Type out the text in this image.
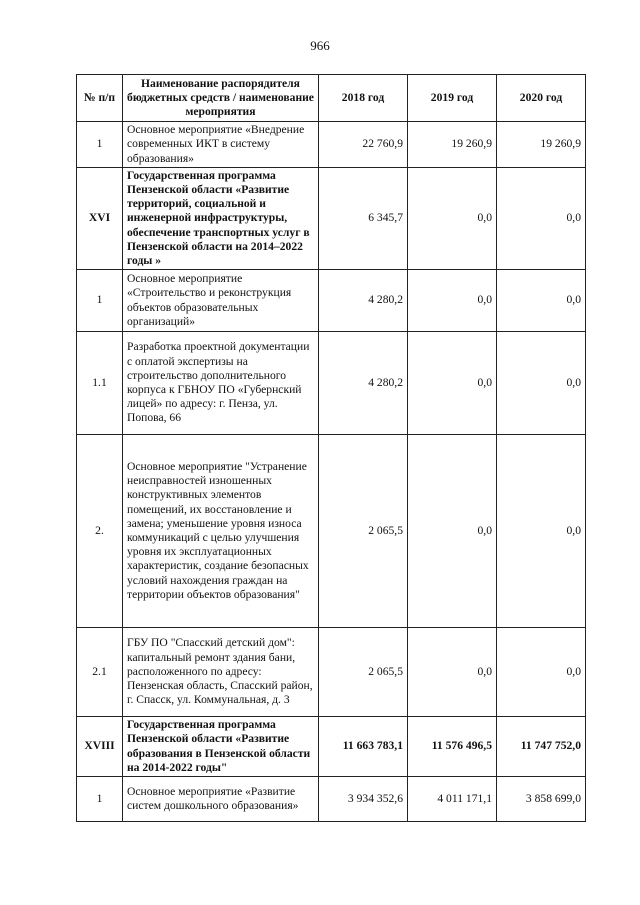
966
№ п/п	Наименование распорядителя бюджетных средств / наименование мероприятия	2018 год	2019 год	2020 год
1	Основное мероприятие «Внедрение современных ИКТ в систему образования»	22 760,9	19 260,9	19 260,9
XVI	Государственная программа Пензенской области «Развитие территорий, социальной и инженерной инфраструктуры, обеспечение транспортных услуг в Пензенской области на 2014–2022 годы »	6 345,7	0,0	0,0
1	Основное мероприятие «Строительство и реконструкция объектов образовательных организаций»	4 280,2	0,0	0,0
1.1	Разработка проектной документации с оплатой экспертизы на строительство дополнительного корпуса к ГБНОУ ПО «Губернский лицей» по адресу: г. Пенза, ул. Попова, 66	4 280,2	0,0	0,0
2.	Основное мероприятие "Устранение неисправностей изношенных конструктивных элементов помещений, их восстановление и замена; уменьшение уровня износа коммуникаций с целью улучшения уровня их эксплуатационных характеристик, создание безопасных условий нахождения граждан на территории объектов образования"	2 065,5	0,0	0,0
2.1	ГБУ ПО "Спасский детский дом": капитальный ремонт здания бани, расположенного по адресу: Пензенская область, Спасский район, г. Спасск, ул. Коммунальная, д. 3	2 065,5	0,0	0,0
XVIII	Государственная программа Пензенской области «Развитие образования в Пензенской области на 2014-2022 годы"	11 663 783,1	11 576 496,5	11 747 752,0
1	Основное мероприятие «Развитие систем дошкольного образования»	3 934 352,6	4 011 171,1	3 858 699,0
